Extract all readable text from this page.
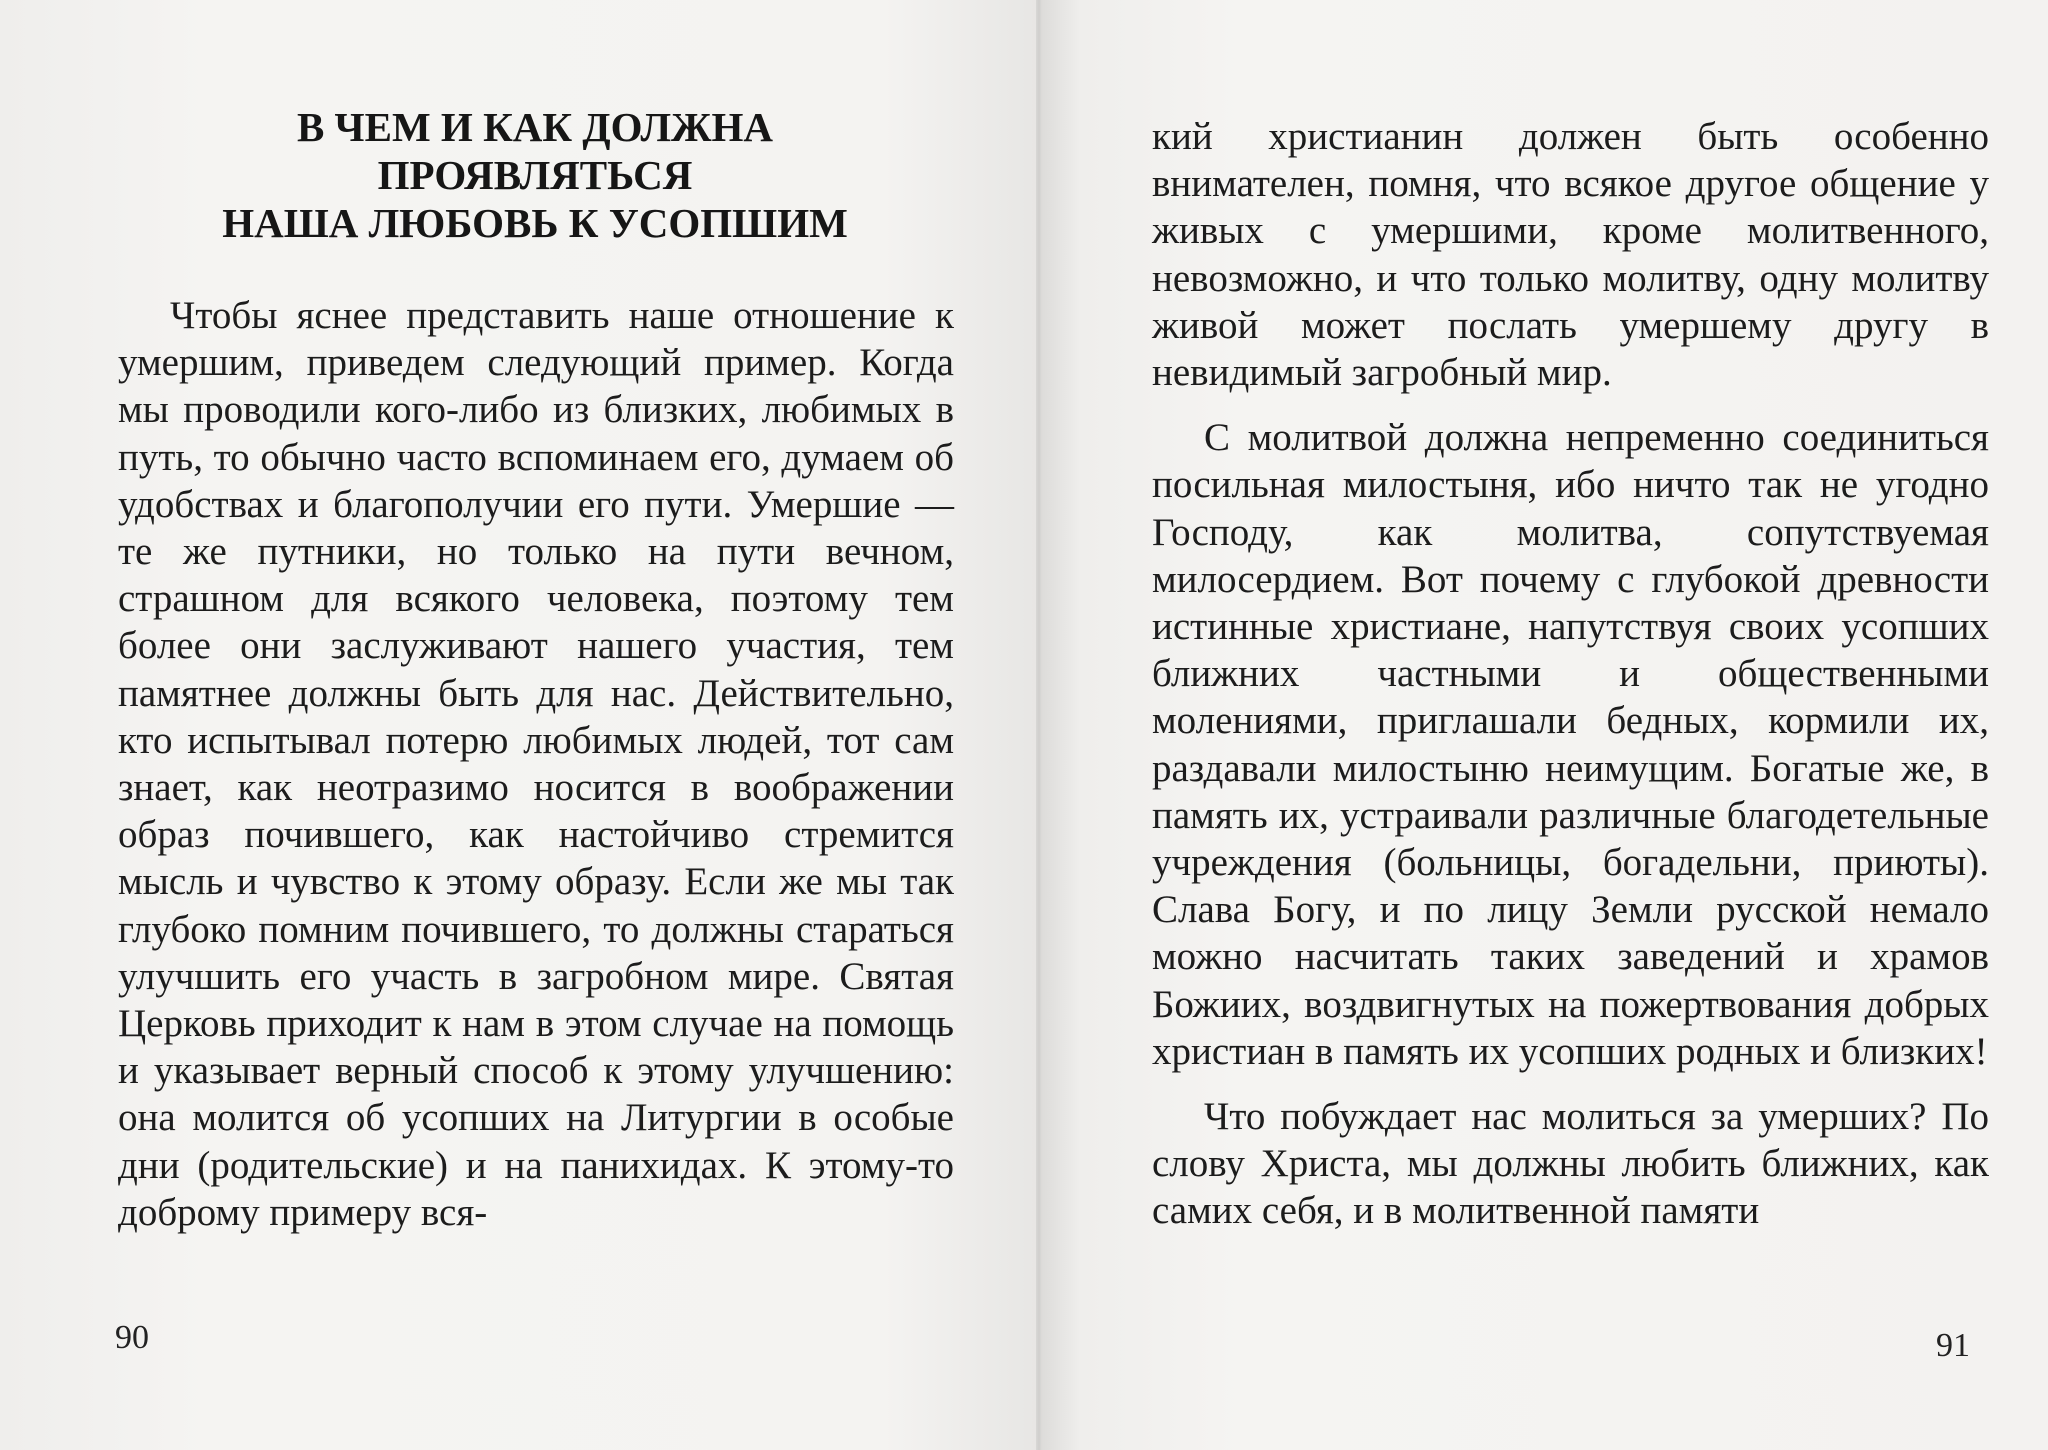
В ЧЕМ И КАК ДОЛЖНА
ПРОЯВЛЯТЬСЯ
НАША ЛЮБОВЬ К УСОПШИМ

Чтобы яснее представить наше отношение к умершим, приведем следующий пример. Когда мы проводили кого-либо из близких, любимых в путь, то обычно часто вспоминаем его, думаем об удобствах и благополучии его пути. Умершие — те же путники, но только на пути вечном, страшном для всякого человека, поэтому тем более они заслуживают нашего участия, тем памятнее должны быть для нас. Действительно, кто испытывал потерю любимых людей, тот сам знает, как неотразимо носится в воображении образ почившего, как настойчиво стремится мысль и чувство к этому образу. Если же мы так глубоко помним почившего, то должны стараться улучшить его участь в загробном мире. Святая Церковь приходит к нам в этом случае на помощь и указывает верный способ к этому улучшению: она молится об усопших на Литургии в особые дни (родительские) и на панихидах. К этому-то доброму примеру вся-

90

кий христианин должен быть особенно внимателен, помня, что всякое другое общение у живых с умершими, кроме молитвенного, невозможно, и что только молитву, одну молитву живой может послать умершему другу в невидимый загробный мир.

С молитвой должна непременно соединиться посильная милостыня, ибо ничто так не угодно Господу, как молитва, сопутствуемая милосердием. Вот почему с глубокой древности истинные христиане, напутствуя своих усопших ближних частными и общественными молениями, приглашали бедных, кормили их, раздавали милостыню неимущим. Богатые же, в память их, устраивали различные благодетельные учреждения (больницы, богадельни, приюты). Слава Богу, и по лицу Земли русской немало можно насчитать таких заведений и храмов Божиих, воздвигнутых на пожертвования добрых христиан в память их усопших родных и близких!

Что побуждает нас молиться за умерших? По слову Христа, мы должны любить ближних, как самих себя, и в молитвенной памяти

91
